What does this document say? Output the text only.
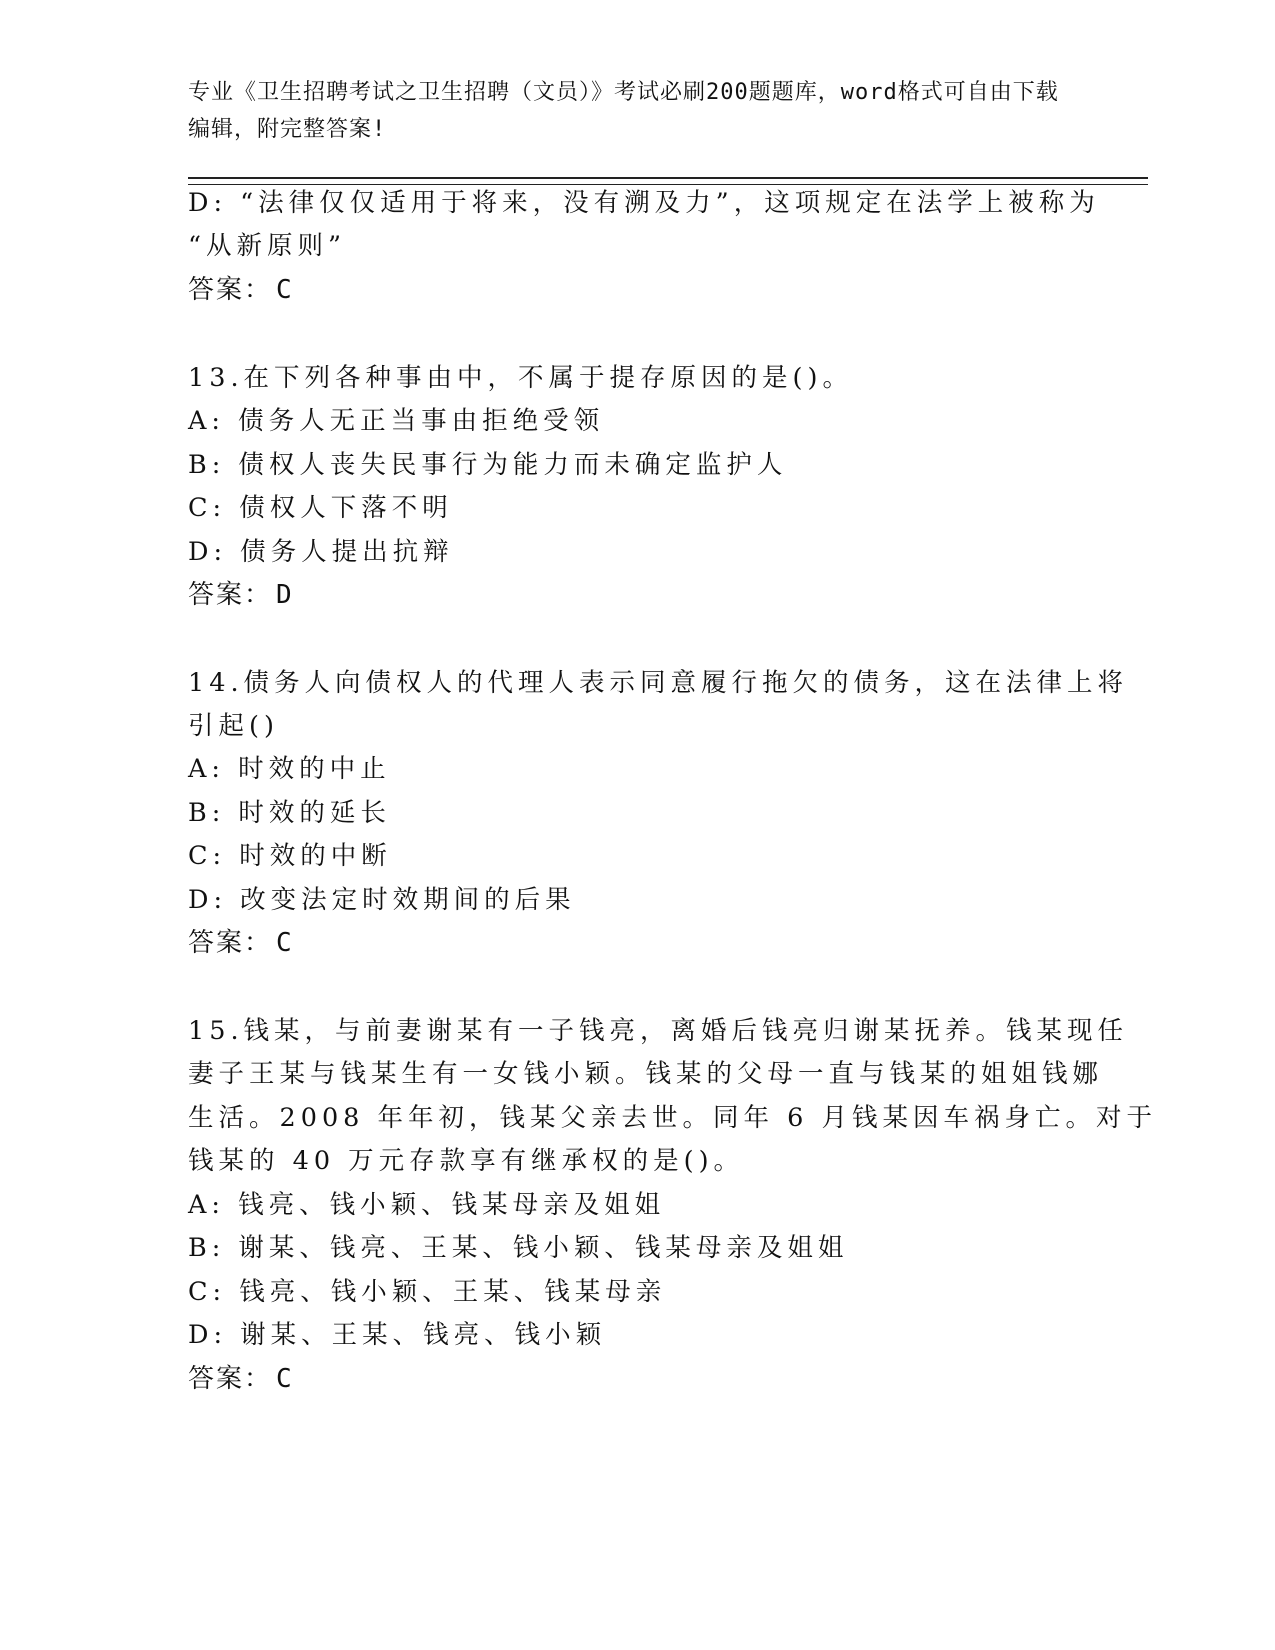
专业《卫生招聘考试之卫生招聘（文员）》考试必刷200题题库，word格式可自由下载编辑，附完整答案!
D: “法律仅仅适用于将来，没有溯及力”，这项规定在法学上被称为
“从新原则”
答案： C
13.在下列各种事由中，不属于提存原因的是()。
A: 债务人无正当事由拒绝受领
B: 债权人丧失民事行为能力而未确定监护人
C: 债权人下落不明
D: 债务人提出抗辩
答案： D
14.债务人向债权人的代理人表示同意履行拖欠的债务，这在法律上将
引起()
A: 时效的中止
B: 时效的延长
C: 时效的中断
D: 改变法定时效期间的后果
答案： C
15.钱某，与前妻谢某有一子钱亮，离婚后钱亮归谢某抚养。钱某现任
妻子王某与钱某生有一女钱小颖。钱某的父母一直与钱某的姐姐钱娜
生活。2008 年年初，钱某父亲去世。同年 6 月钱某因车祸身亡。对于
钱某的 40 万元存款享有继承权的是()。
A: 钱亮、钱小颖、钱某母亲及姐姐
B: 谢某、钱亮、王某、钱小颖、钱某母亲及姐姐
C: 钱亮、钱小颖、王某、钱某母亲
D: 谢某、王某、钱亮、钱小颖
答案： C
